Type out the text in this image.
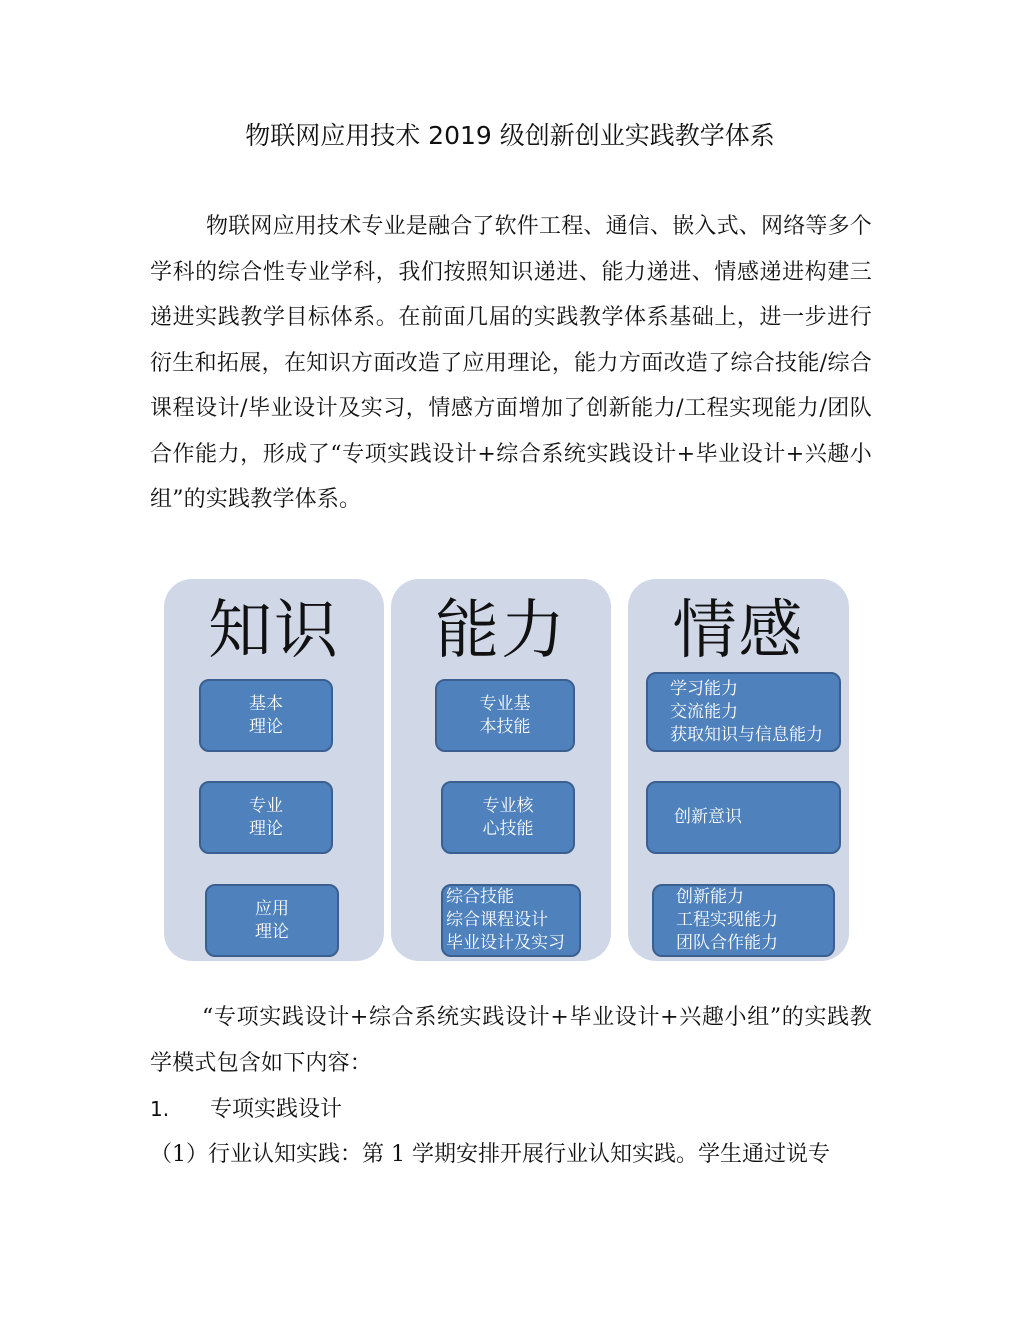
物联网应用技术 2019 级创新创业实践教学体系
物联网应用技术专业是融合了软件工程、通信、嵌入式、网络等多个学科的综合性专业学科，我们按照知识递进、能力递进、情感递进构建三递进实践教学目标体系。在前面几届的实践教学体系基础上，进一步进行衍生和拓展，在知识方面改造了应用理论，能力方面改造了综合技能/综合课程设计/毕业设计及实习，情感方面增加了创新能力/工程实现能力/团队合作能力，形成了“专项实践设计+综合系统实践设计+毕业设计+兴趣小组”的实践教学体系。
知识
基本
理论
专业
理论
应用
理论
能力
专业基
本技能
专业核
心技能
综合技能
综合课程设计
毕业设计及实习
情感
学习能力
交流能力
获取知识与信息能力
创新意识
创新能力
工程实现能力
团队合作能力
“专项实践设计+综合系统实践设计+毕业设计+兴趣小组”的实践教学模式包含如下内容：
1. 专项实践设计
（1）行业认知实践：第 1 学期安排开展行业认知实践。学生通过说专
